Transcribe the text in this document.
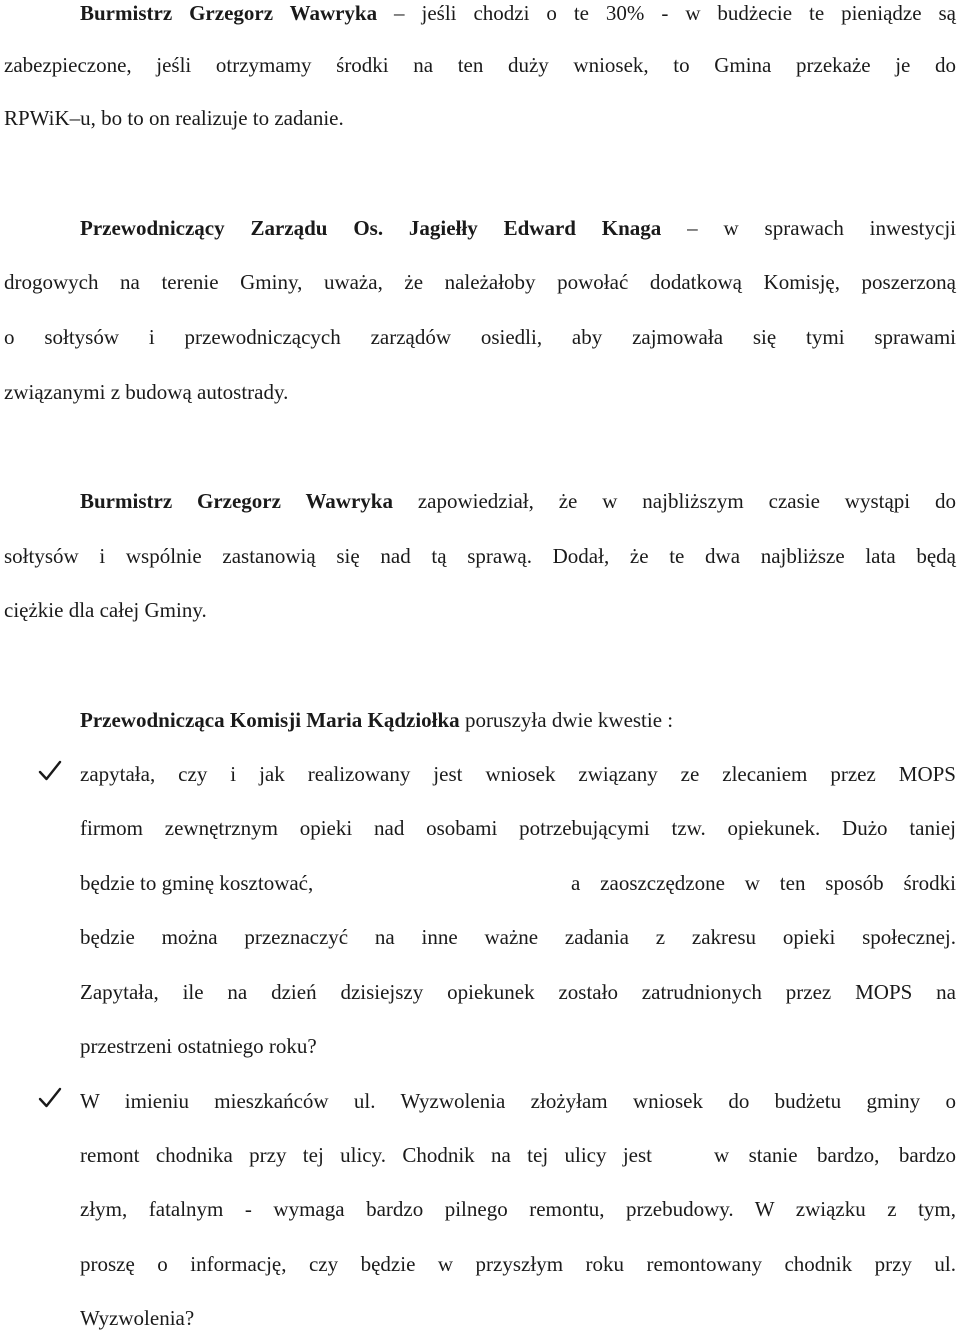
Burmistrz Grzegorz Wawryka – jeśli chodzi o te 30% - w budżecie te pieniądze są
zabezpieczone, jeśli otrzymamy środki na ten duży wniosek, to Gmina przekaże je do
RPWiK–u, bo to on realizuje to zadanie.
Przewodniczący Zarządu Os. Jagiełły Edward Knaga – w sprawach inwestycji
drogowych na terenie Gminy, uważa, że należałoby powołać dodatkową Komisję, poszerzoną
o sołtysów i przewodniczących zarządów osiedli, aby zajmowała się tymi sprawami
związanymi z budową autostrady.
Burmistrz Grzegorz Wawryka zapowiedział, że w najbliższym czasie wystąpi do
sołtysów i wspólnie zastanowią się nad tą sprawą. Dodał, że te dwa najbliższe lata będą
ciężkie dla całej Gminy.
Przewodnicząca Komisji Maria Kądziołka poruszyła dwie kwestie :
zapytała, czy i jak realizowany jest wniosek związany ze zlecaniem przez MOPS
firmom zewnętrznym opieki nad osobami potrzebującymi tzw. opiekunek. Dużo taniej
będzie to gminę kosztować,	a zaoszczędzone w ten sposób środki
będzie można przeznaczyć na inne ważne zadania z zakresu opieki społecznej.
Zapytała, ile na dzień dzisiejszy opiekunek zostało zatrudnionych przez MOPS na
przestrzeni ostatniego roku?
W imieniu mieszkańców ul. Wyzwolenia złożyłam wniosek do budżetu gminy o
remont chodnika przy tej ulicy. Chodnik na tej ulicy jest	w stanie bardzo, bardzo
złym, fatalnym - wymaga bardzo pilnego remontu, przebudowy. W związku z tym,
proszę o informację, czy będzie w przyszłym roku remontowany chodnik przy ul.
Wyzwolenia?
